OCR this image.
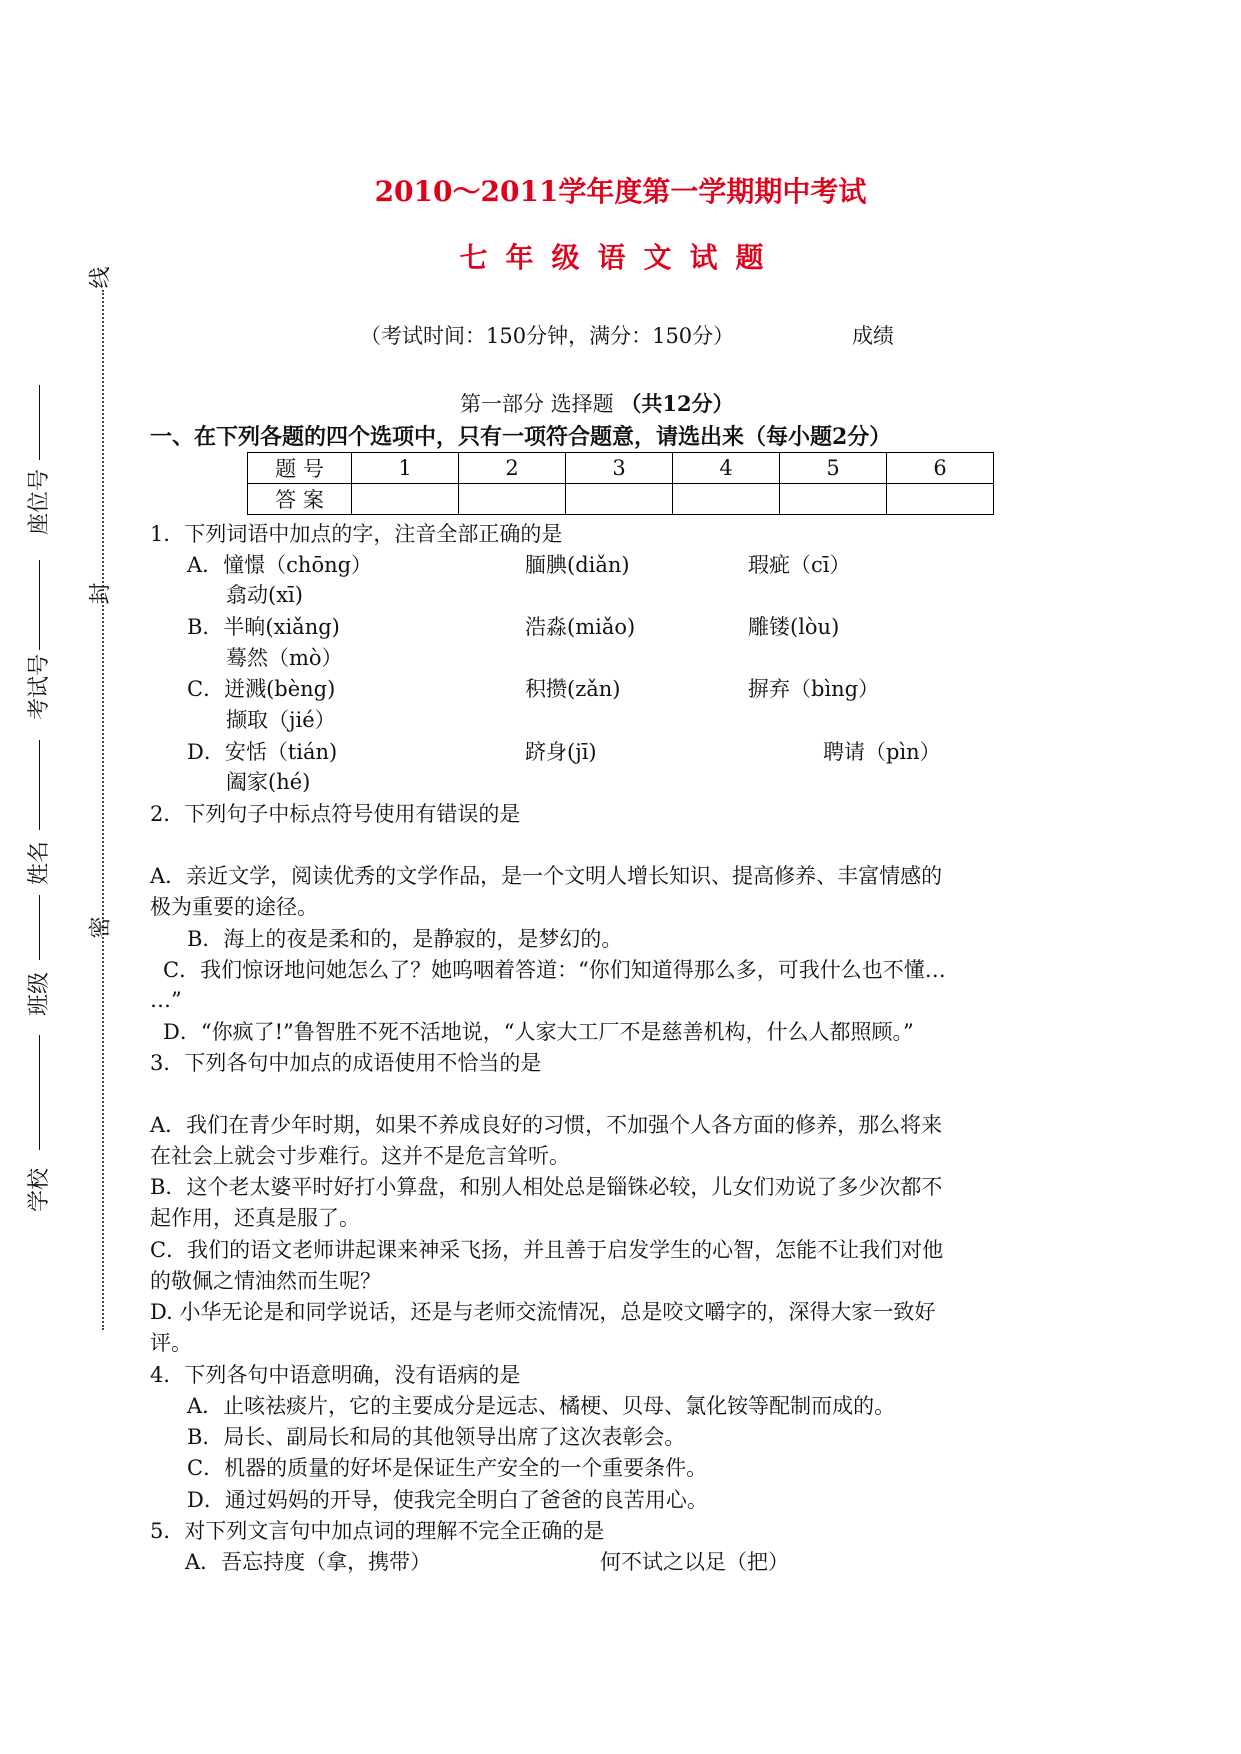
线
封
密
座位号
考试号
姓名
班级
学校
2010～2011学年度第一学期期中考试
七年级语文试题
（考试时间：150分钟，满分：150分）	成绩
第一部分 选择题 （共12分）
一、在下列各题的四个选项中，只有一项符合题意，请选出来（每小题2分）
题 号	1	2	3	4	5	6
答 案						
1．下列词语中加点的字，注音全部正确的是
A．憧憬（chōng）	腼腆(diǎn)	瑕疵（cī）
翕动(xī)
B．半晌(xiǎng)	浩淼(miǎo)	雕镂(lòu)
蓦然（mò）
C．迸溅(bèng)	积攒(zǎn)	摒弃（bìng）
撷取（jié）
D．安恬（tián)	跻身(jī)	聘请（pìn）
阖家(hé)
2．下列句子中标点符号使用有错误的是
A．亲近文学，阅读优秀的文学作品，是一个文明人增长知识、提高修养、丰富情感的
极为重要的途径。
B．海上的夜是柔和的，是静寂的，是梦幻的。
C．我们惊讶地问她怎么了？她呜咽着答道：“你们知道得那么多，可我什么也不懂…
…”
D．“你疯了!”鲁智胜不死不活地说，“人家大工厂不是慈善机构，什么人都照顾。”
3．下列各句中加点的成语使用不恰当的是
A．我们在青少年时期，如果不养成良好的习惯，不加强个人各方面的修养，那么将来
在社会上就会寸步难行。这并不是危言耸听。
B．这个老太婆平时好打小算盘，和别人相处总是锱铢必较，儿女们劝说了多少次都不
起作用，还真是服了。
C．我们的语文老师讲起课来神采飞扬，并且善于启发学生的心智，怎能不让我们对他
的敬佩之情油然而生呢？
D. 小华无论是和同学说话，还是与老师交流情况，总是咬文嚼字的，深得大家一致好
评。
4．下列各句中语意明确，没有语病的是
A．止咳祛痰片，它的主要成分是远志、橘梗、贝母、氯化铵等配制而成的。
B．局长、副局长和局的其他领导出席了这次表彰会。
C．机器的质量的好坏是保证生产安全的一个重要条件。
D．通过妈妈的开导，使我完全明白了爸爸的良苦用心。
5．对下列文言句中加点词的理解不完全正确的是
A．吾忘持度（拿，携带）	何不试之以足（把）
